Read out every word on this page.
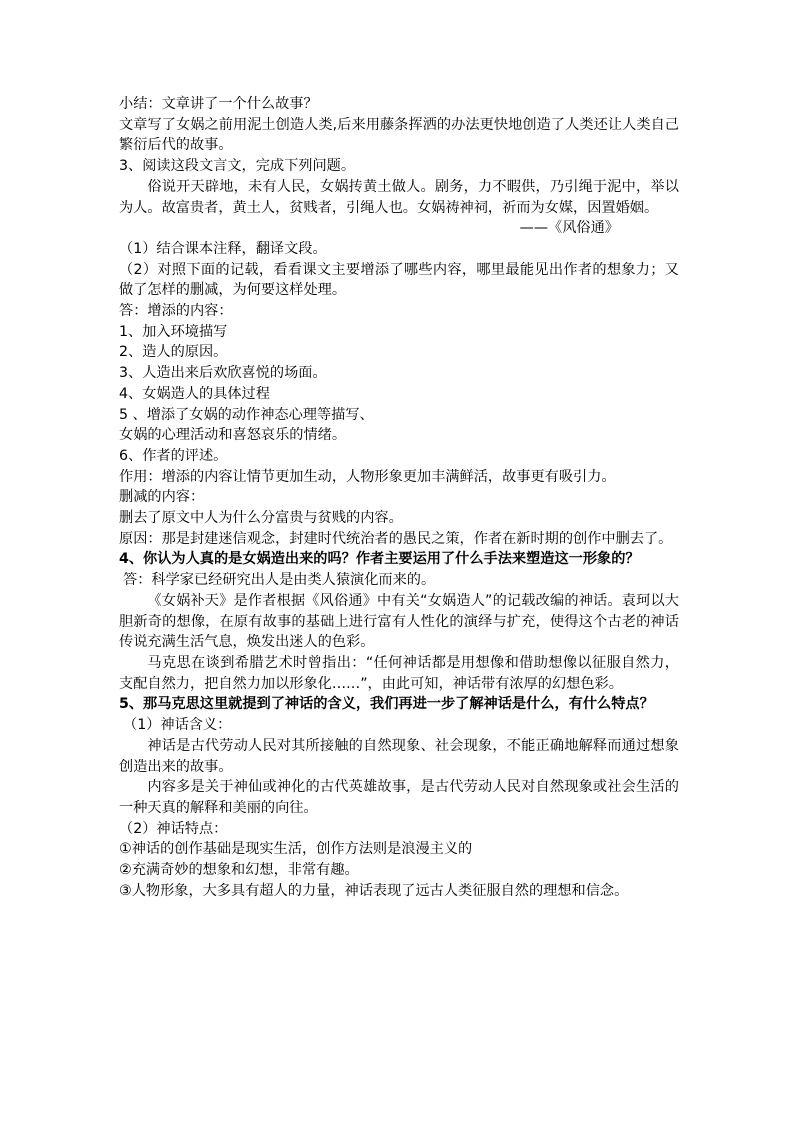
小结：文章讲了一个什么故事？
文章写了女娲之前用泥土创造人类,后来用藤条挥洒的办法更快地创造了人类还让人类自己繁衍后代的故事。
3、阅读这段文言文，完成下列问题。
俗说开天辟地，未有人民，女娲抟黄土做人。剧务，力不暇供，乃引绳于泥中，举以为人。故富贵者，黄土人，贫贱者，引绳人也。女娲祷神祠，祈而为女媒，因置婚姻。
——《风俗通》
（1）结合课本注释，翻译文段。
（2）对照下面的记载，看看课文主要增添了哪些内容，哪里最能见出作者的想象力；又做了怎样的删减，为何要这样处理。
答：增添的内容：
1、加入环境描写
2、造人的原因。
3、人造出来后欢欣喜悦的场面。
4、女娲造人的具体过程
5 、增添了女娲的动作神态心理等描写、
女娲的心理活动和喜怒哀乐的情绪。
6、作者的评述。
作用：增添的内容让情节更加生动，人物形象更加丰满鲜活，故事更有吸引力。
删减的内容：
删去了原文中人为什么分富贵与贫贱的内容。
原因：那是封建迷信观念，封建时代统治者的愚民之策，作者在新时期的创作中删去了。
4、你认为人真的是女娲造出来的吗？作者主要运用了什么手法来塑造这一形象的？
答：科学家已经研究出人是由类人猿演化而来的。
《女娲补天》是作者根据《风俗通》中有关“女娲造人”的记载改编的神话。袁珂以大胆新奇的想像，在原有故事的基础上进行富有人性化的演绎与扩充，使得这个古老的神话传说充满生活气息，焕发出迷人的色彩。
马克思在谈到希腊艺术时曾指出：“任何神话都是用想像和借助想像以征服自然力，支配自然力，把自然力加以形象化……”，由此可知，神话带有浓厚的幻想色彩。
5、那马克思这里就提到了神话的含义，我们再进一步了解神话是什么，有什么特点？
（1）神话含义：
神话是古代劳动人民对其所接触的自然现象、社会现象，不能正确地解释而通过想象创造出来的故事。
内容多是关于神仙或神化的古代英雄故事，是古代劳动人民对自然现象或社会生活的一种天真的解释和美丽的向往。
（2）神话特点：
①神话的创作基础是现实生活，创作方法则是浪漫主义的
②充满奇妙的想象和幻想，非常有趣。
③人物形象，大多具有超人的力量，神话表现了远古人类征服自然的理想和信念。
